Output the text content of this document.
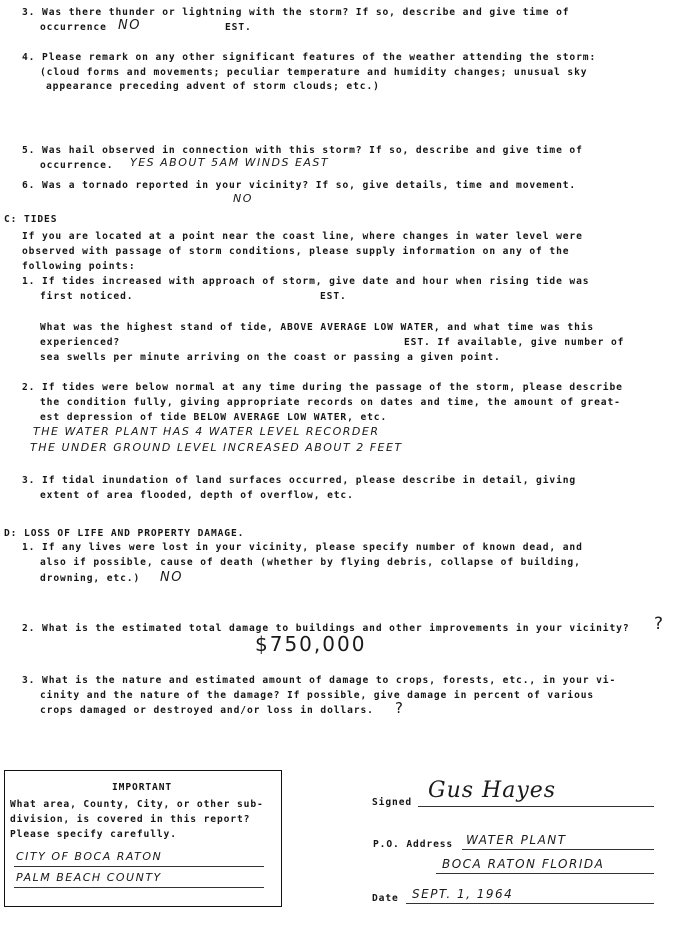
3. Was there thunder or lightning with the storm? If so, describe and give time of
occurrence NO	EST.
4. Please remark on any other significant features of the weather attending the storm:
(cloud forms and movements; peculiar temperature and humidity changes; unusual sky
appearance preceding advent of storm clouds; etc.)
5. Was hail observed in connection with this storm? If so, describe and give time of
occurrence. YES ABOUT 5AM WINDS EAST
6. Was a tornado reported in your vicinity? If so, give details, time and movement.
NO
C: TIDES
If you are located at a point near the coast line, where changes in water level were
observed with passage of storm conditions, please supply information on any of the
following points:
1. If tides increased with approach of storm, give date and hour when rising tide was
first noticed.	EST.
What was the highest stand of tide, ABOVE AVERAGE LOW WATER, and what time was this
experienced?	EST. If available, give number of
sea swells per minute arriving on the coast or passing a given point.
2. If tides were below normal at any time during the passage of the storm, please describe
the condition fully, giving appropriate records on dates and time, the amount of great-
est depression of tide BELOW AVERAGE LOW WATER, etc.
THE WATER PLANT HAS 4 WATER LEVEL RECORDER
THE UNDER GROUND LEVEL INCREASED ABOUT 2 FEET
3. If tidal inundation of land surfaces occurred, please describe in detail, giving
extent of area flooded, depth of overflow, etc.
D: LOSS OF LIFE AND PROPERTY DAMAGE.
1. If any lives were lost in your vicinity, please specify number of known dead, and
also if possible, cause of death (whether by flying debris, collapse of building,
drowning, etc.) NO
2. What is the estimated total damage to buildings and other improvements in your vicinity? ?
$750,000
3. What is the nature and estimated amount of damage to crops, forests, etc., in your vi-
cinity and the nature of the damage? If possible, give damage in percent of various
crops damaged or destroyed and/or loss in dollars. ?
IMPORTANT
What area, County, City, or other sub-
division, is covered in this report?
Please specify carefully.
CITY OF BOCA RATON
PALM BEACH COUNTY
Signed Gus Hayes
P.O. Address WATER PLANT
BOCA RATON FLORIDA
Date SEPT. 1, 1964
